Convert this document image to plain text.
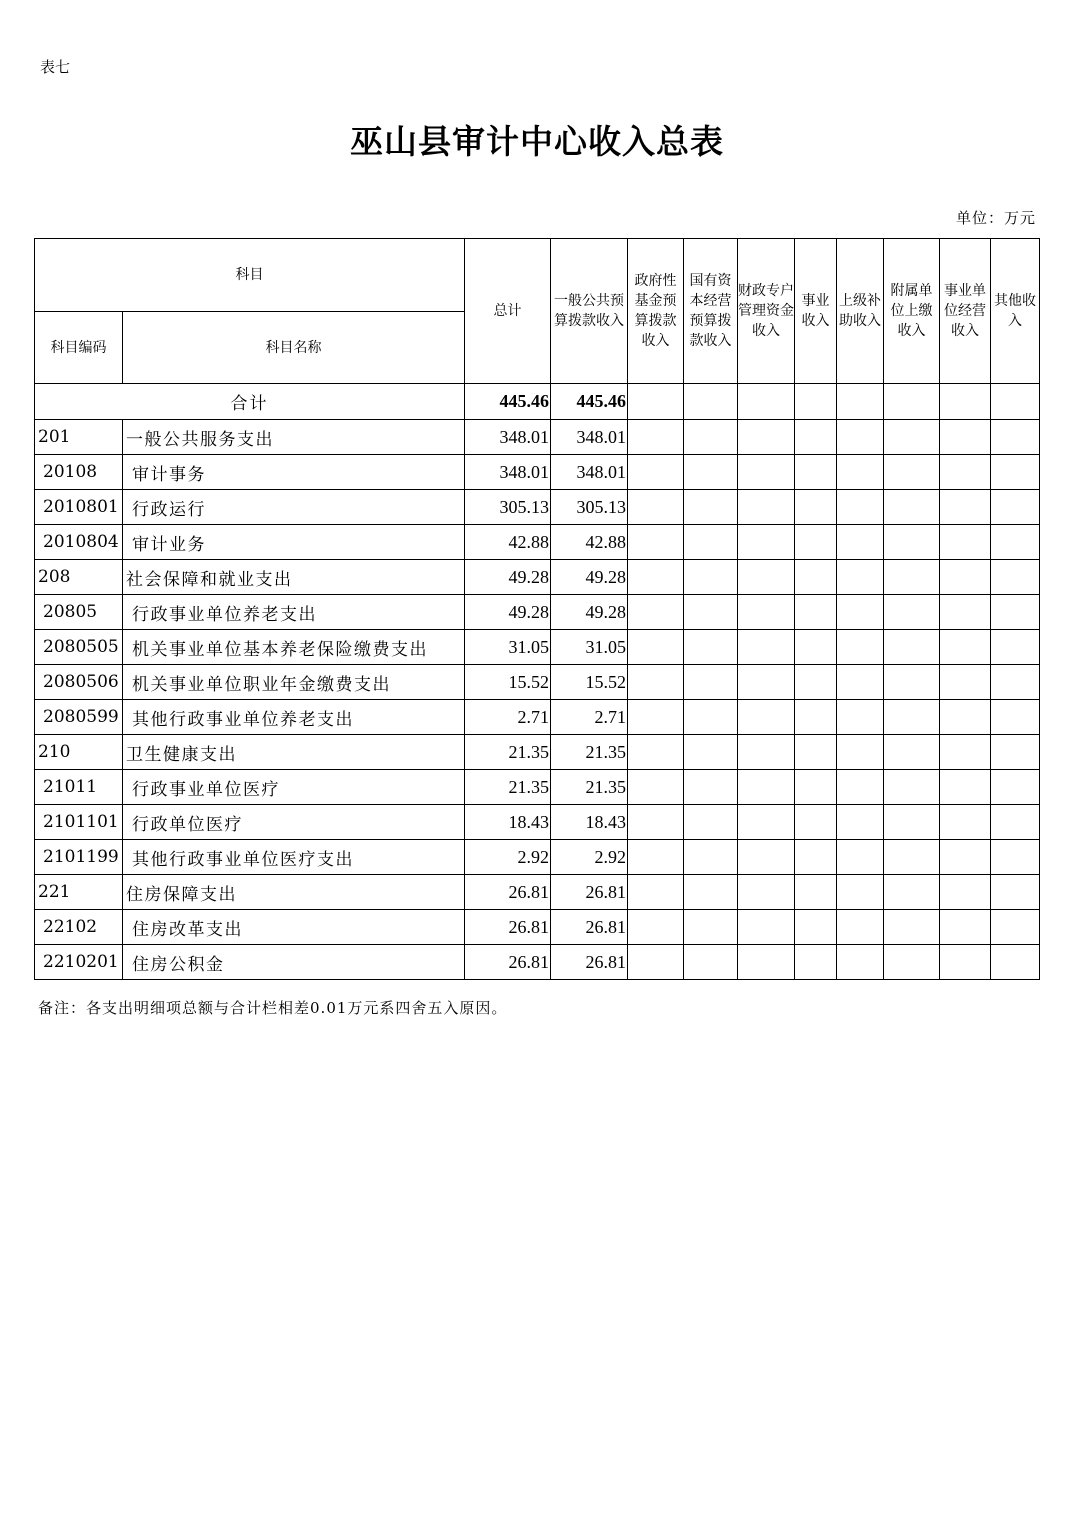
表七
巫山县审计中心收入总表
单位：万元
科目		总计	一般公共预算拨款收入	政府性基金预算拨款收入	国有资本经营预算拨款收入	财政专户管理资金收入	事业收入	上级补助收入	附属单位上缴收入	事业单位经营收入	其他收入
科目编码	科目名称										
合计		445.46	445.46								
201	一般公共服务支出	348.01	348.01								
20108	审计事务	348.01	348.01								
2010801	行政运行	305.13	305.13								
2010804	审计业务	42.88	42.88								
208	社会保障和就业支出	49.28	49.28								
20805	行政事业单位养老支出	49.28	49.28								
2080505	机关事业单位基本养老保险缴费支出	31.05	31.05								
2080506	机关事业单位职业年金缴费支出	15.52	15.52								
2080599	其他行政事业单位养老支出	2.71	2.71								
210	卫生健康支出	21.35	21.35								
21011	行政事业单位医疗	21.35	21.35								
2101101	行政单位医疗	18.43	18.43								
2101199	其他行政事业单位医疗支出	2.92	2.92								
221	住房保障支出	26.81	26.81								
22102	住房改革支出	26.81	26.81								
2210201	住房公积金	26.81	26.81								
备注：各支出明细项总额与合计栏相差0.01万元系四舍五入原因。
